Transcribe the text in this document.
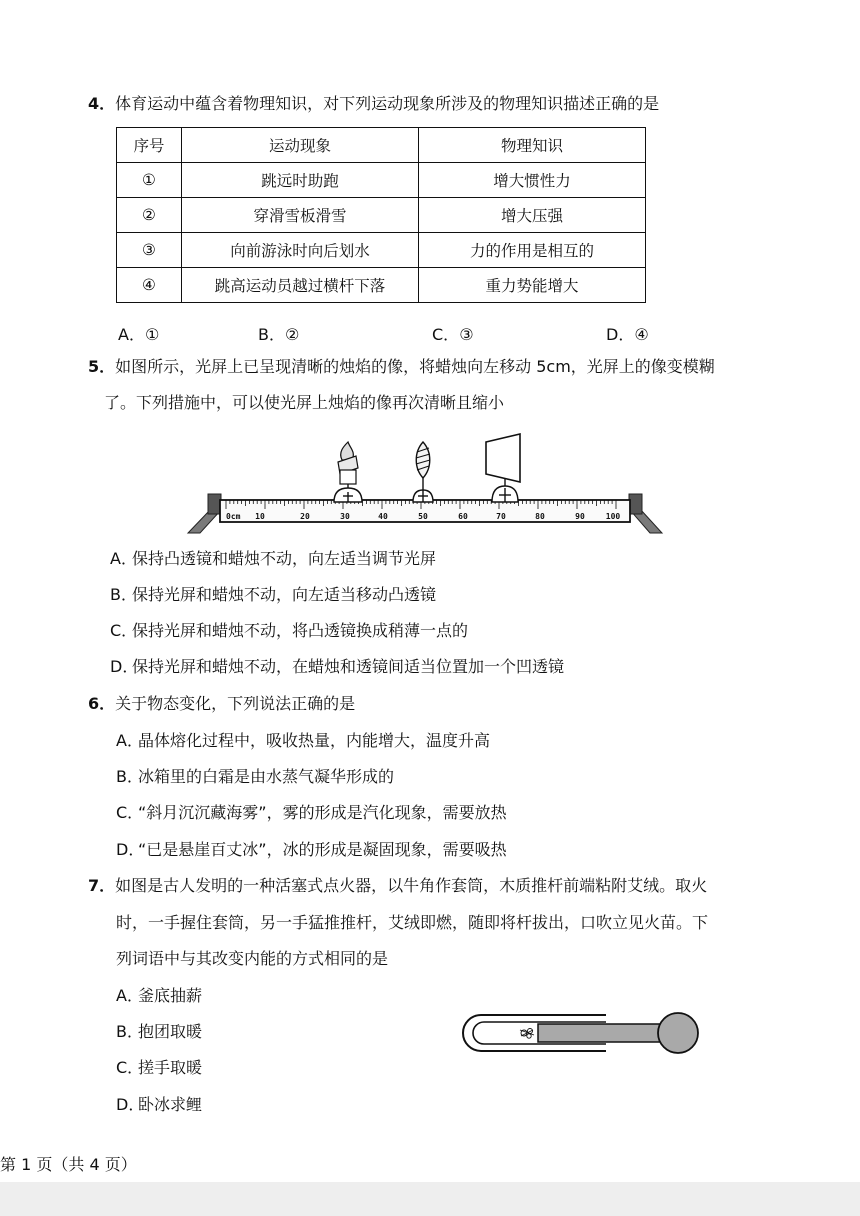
4．体育运动中蕴含着物理知识，对下列运动现象所涉及的物理知识描述正确的是
序号	运动现象	物理知识
①	跳远时助跑	增大惯性力
②	穿滑雪板滑雪	增大压强
③	向前游泳时向后划水	力的作用是相互的
④	跳高运动员越过横杆下落	重力势能增大
A．①	B．②	C．③	D．④
5．如图所示，光屏上已呈现清晰的烛焰的像，将蜡烛向左移动 5cm，光屏上的像变模糊
了。下列措施中，可以使光屏上烛焰的像再次清晰且缩小
0cm 10	20	30	40	50	60	70	80	90	100
A．保持凸透镜和蜡烛不动，向左适当调节光屏
B．保持光屏和蜡烛不动，向左适当移动凸透镜
C．保持光屏和蜡烛不动，将凸透镜换成稍薄一点的
D．保持光屏和蜡烛不动，在蜡烛和透镜间适当位置加一个凹透镜
6．关于物态变化，下列说法正确的是
A．晶体熔化过程中，吸收热量，内能增大，温度升高
B．冰箱里的白霜是由水蒸气凝华形成的
C．“斜月沉沉藏海雾”，雾的形成是汽化现象，需要放热
D．“已是悬崖百丈冰”，冰的形成是凝固现象，需要吸热
7．如图是古人发明的一种活塞式点火器，以牛角作套筒，木质推杆前端粘附艾绒。取火
时，一手握住套筒，另一手猛推推杆，艾绒即燃，随即将杆拔出，口吹立见火苗。下
列词语中与其改变内能的方式相同的是
A．釜底抽薪
B．抱团取暖
C．搓手取暖
D．卧冰求鲤
第 1 页（共 4 页）
